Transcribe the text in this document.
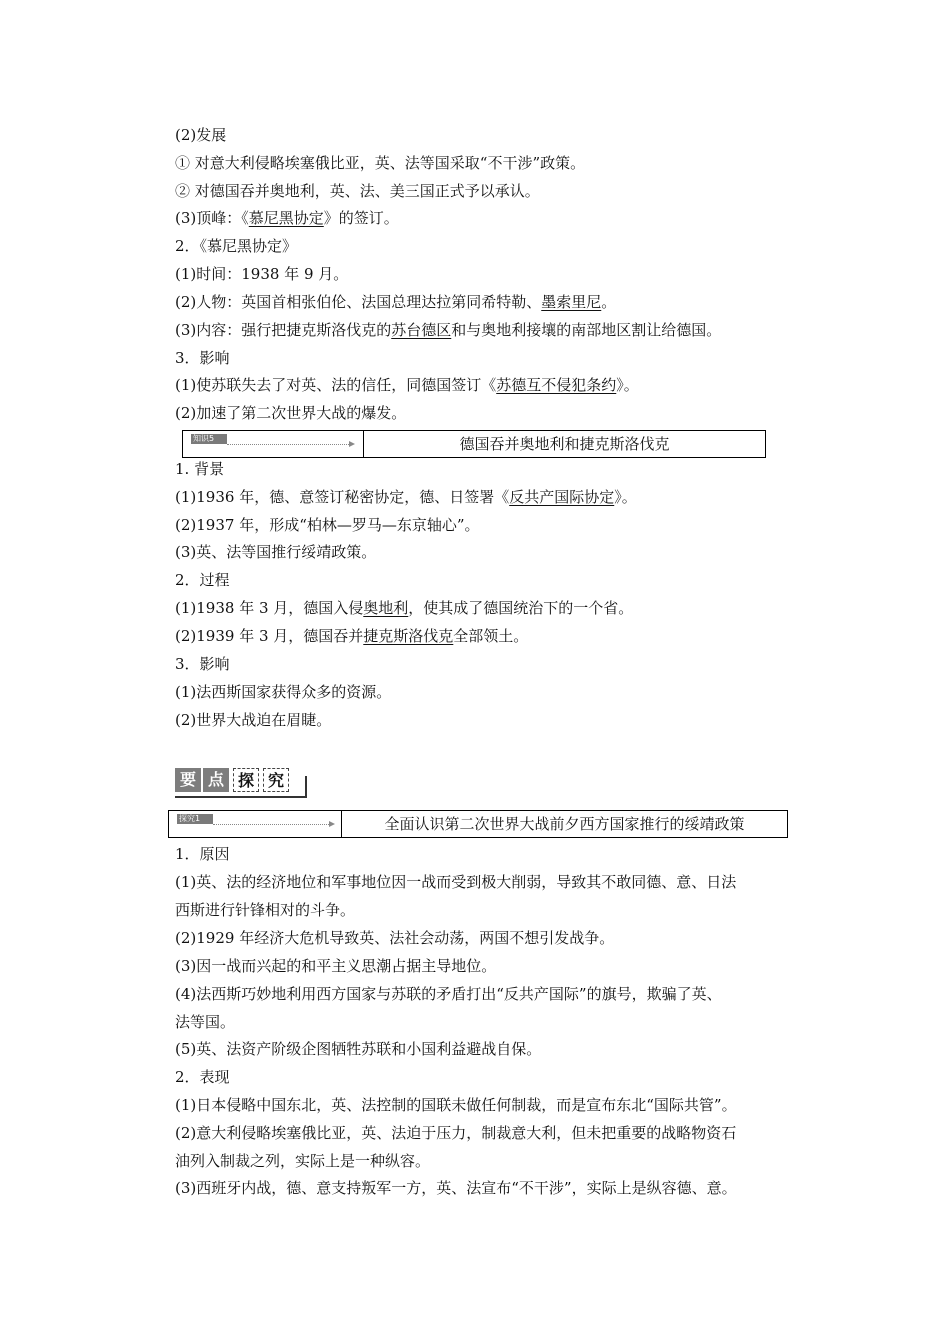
(2)发展
① 对意大利侵略埃塞俄比亚，英、法等国采取“不干涉”政策。
② 对德国吞并奥地利，英、法、美三国正式予以承认。
(3)顶峰：《慕尼黑协定》的签订。
2．《慕尼黑协定》
(1)时间：1938 年 9 月。
(2)人物：英国首相张伯伦、法国总理达拉第同希特勒、墨索里尼。
(3)内容：强行把捷克斯洛伐克的苏台德区和与奥地利接壤的南部地区割让给德国。
3．影响
(1)使苏联失去了对英、法的信任，同德国签订《苏德互不侵犯条约》。
(2)加速了第二次世界大战的爆发。
1. 背景
(1)1936 年，德、意签订秘密协定，德、日签署《反共产国际协定》。
(2)1937 年，形成“柏林—罗马—东京轴心”。
(3)英、法等国推行绥靖政策。
2．过程
(1)1938 年 3 月，德国入侵奥地利，使其成了德国统治下的一个省。
(2)1939 年 3 月，德国吞并捷克斯洛伐克全部领土。
3．影响
(1)法西斯国家获得众多的资源。
(2)世界大战迫在眉睫。
1．原因
(1)英、法的经济地位和军事地位因一战而受到极大削弱，导致其不敢同德、意、日法
西斯进行针锋相对的斗争。
(2)1929 年经济大危机导致英、法社会动荡，两国不想引发战争。
(3)因一战而兴起的和平主义思潮占据主导地位。
(4)法西斯巧妙地利用西方国家与苏联的矛盾打出“反共产国际”的旗号，欺骗了英、
法等国。
(5)英、法资产阶级企图牺牲苏联和小国利益避战自保。
2．表现
(1)日本侵略中国东北，英、法控制的国联未做任何制裁，而是宣布东北“国际共管”。
(2)意大利侵略埃塞俄比亚，英、法迫于压力，制裁意大利，但未把重要的战略物资石
油列入制裁之列，实际上是一种纵容。
(3)西班牙内战，德、意支持叛军一方，英、法宣布“不干涉”，实际上是纵容德、意。
知识5	德国吞并奥地利和捷克斯洛伐克
要 点 探 究
探究1	全面认识第二次世界大战前夕西方国家推行的绥靖政策
